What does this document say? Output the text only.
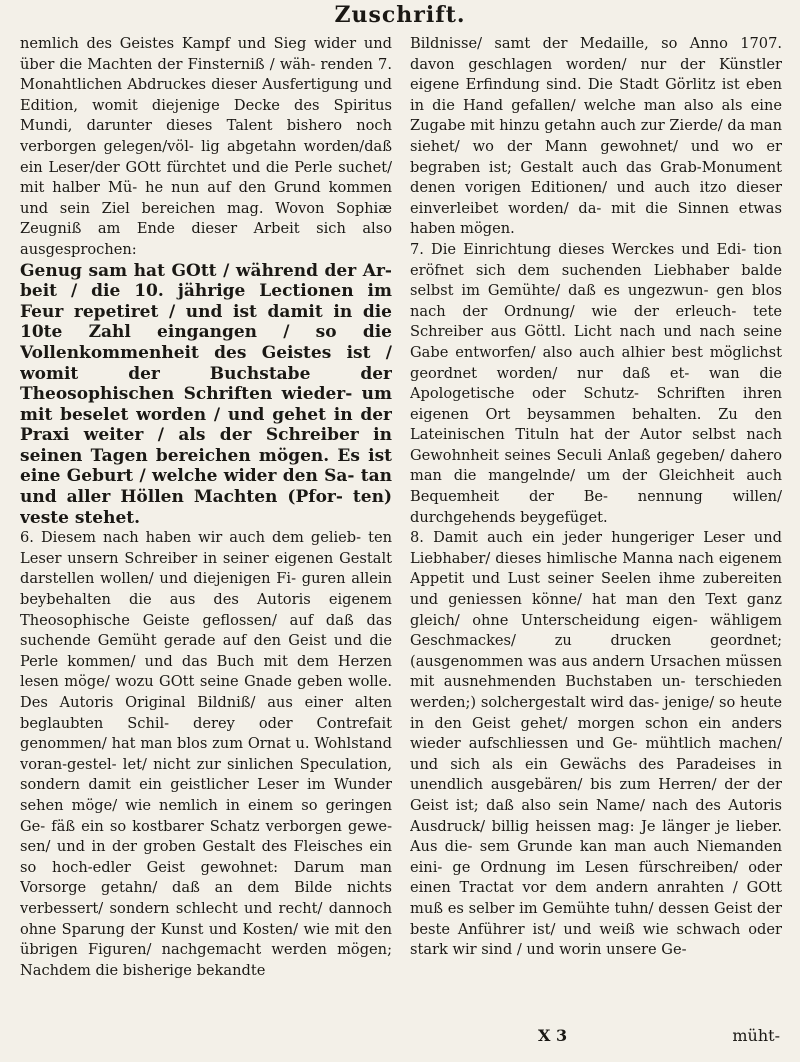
Zuschrift.

nemlich des Geistes Kampf und Sieg wider und über die Machten der Finsterniß / wäh- renden 7. Monahtlichen Abdruckes dieser Ausfertigung und Edition, womit diejenige Decke des Spiritus Mundi, darunter dieses Talent bishero noch verborgen gelegen/völ- lig abgetahn worden/daß ein Leser/der GOtt fürchtet und die Perle suchet/ mit halber Mü- he nun auf den Grund kommen und sein Ziel bereichen mag. Wovon Sophiæ Zeugniß am Ende dieser Arbeit sich also ausgesprochen:

Genug sam hat GOtt / während der Ar- beit / die 10. jährige Lectionen im Feur repetiret / und ist damit in die 10te Zahl eingangen / so die Vollenkommenheit des Geistes ist / womit der Buchstabe der Theosophischen Schriften wieder- um mit beselet worden / und gehet in der Praxi weiter / als der Schreiber in seinen Tagen bereichen mögen. Es ist eine Geburt / welche wider den Sa- tan und aller Höllen Machten (Pfor- ten) veste stehet.

6. Diesem nach haben wir auch dem gelieb- ten Leser unsern Schreiber in seiner eigenen Gestalt darstellen wollen/ und diejenigen Fi- guren allein beybehalten die aus des Autoris eigenem Theosophische Geiste geflossen/ auf daß das suchende Gemüht gerade auf den Geist und die Perle kommen/ und das Buch mit dem Herzen lesen möge/ wozu GOtt seine Gnade geben wolle. Des Autoris Original Bildniß/ aus einer alten beglaubten Schil- derey oder Contrefait genommen/ hat man blos zum Ornat u. Wohlstand voran-gestel- let/ nicht zur sinlichen Speculation, sondern damit ein geistlicher Leser im Wunder sehen möge/ wie nemlich in einem so geringen Ge- fäß ein so kostbarer Schatz verborgen gewe- sen/ und in der groben Gestalt des Fleisches ein so hoch-edler Geist gewohnet: Darum man Vorsorge getahn/ daß an dem Bilde nichts verbessert/ sondern schlecht und recht/ dannoch ohne Sparung der Kunst und Kosten/ wie mit den übrigen Figuren/ nachgemacht werden mögen; Nachdem die bisherige bekandte

Bildnisse/ samt der Medaille, so Anno 1707. davon geschlagen worden/ nur der Künstler eigene Erfindung sind. Die Stadt Görlitz ist eben in die Hand gefallen/ welche man also als eine Zugabe mit hinzu getahn auch zur Zierde/ da man siehet/ wo der Mann gewohnet/ und wo er begraben ist; Gestalt auch das Grab-Monument denen vorigen Editionen/ und auch itzo dieser einverleibet worden/ da- mit die Sinnen etwas haben mögen.

7. Die Einrichtung dieses Werckes und Edi- tion eröfnet sich dem suchenden Liebhaber balde selbst im Gemühte/ daß es ungezwun- gen blos nach der Ordnung/ wie der erleuch- tete Schreiber aus Göttl. Licht nach und nach seine Gabe entworfen/ also auch alhier best möglichst geordnet worden/ nur daß et- wan die Apologetische oder Schutz- Schriften ihren eigenen Ort beysammen behalten. Zu den Lateinischen Tituln hat der Autor selbst nach Gewohnheit seines Seculi Anlaß gegeben/ dahero man die mangelnde/ um der Gleichheit auch Bequemheit der Be- nennung willen/ durchgehends beygefüget.

8. Damit auch ein jeder hungeriger Leser und Liebhaber/ dieses himlische Manna nach eigenem Appetit und Lust seiner Seelen ihme zubereiten und geniessen könne/ hat man den Text ganz gleich/ ohne Unterscheidung eigen- wähligem Geschmackes/ zu drucken geordnet; (ausgenommen was aus andern Ursachen müssen mit ausnehmenden Buchstaben un- terschieden werden;) solchergestalt wird das- jenige/ so heute in den Geist gehet/ morgen schon ein anders wieder aufschliessen und Ge- mühtlich machen/ und sich als ein Gewächs des Paradeises in unendlich ausgebären/ bis zum Herren/ der der Geist ist; daß also sein Name/ nach des Autoris Ausdruck/ billig heissen mag: Je länger je lieber. Aus die- sem Grunde kan man auch Niemanden eini- ge Ordnung im Lesen fürschreiben/ oder einen Tractat vor dem andern anrahten / GOtt muß es selber im Gemühte tuhn/ dessen Geist der beste Anführer ist/ und weiß wie schwach oder stark wir sind / und worin unsere Ge-

X 3	müht-
